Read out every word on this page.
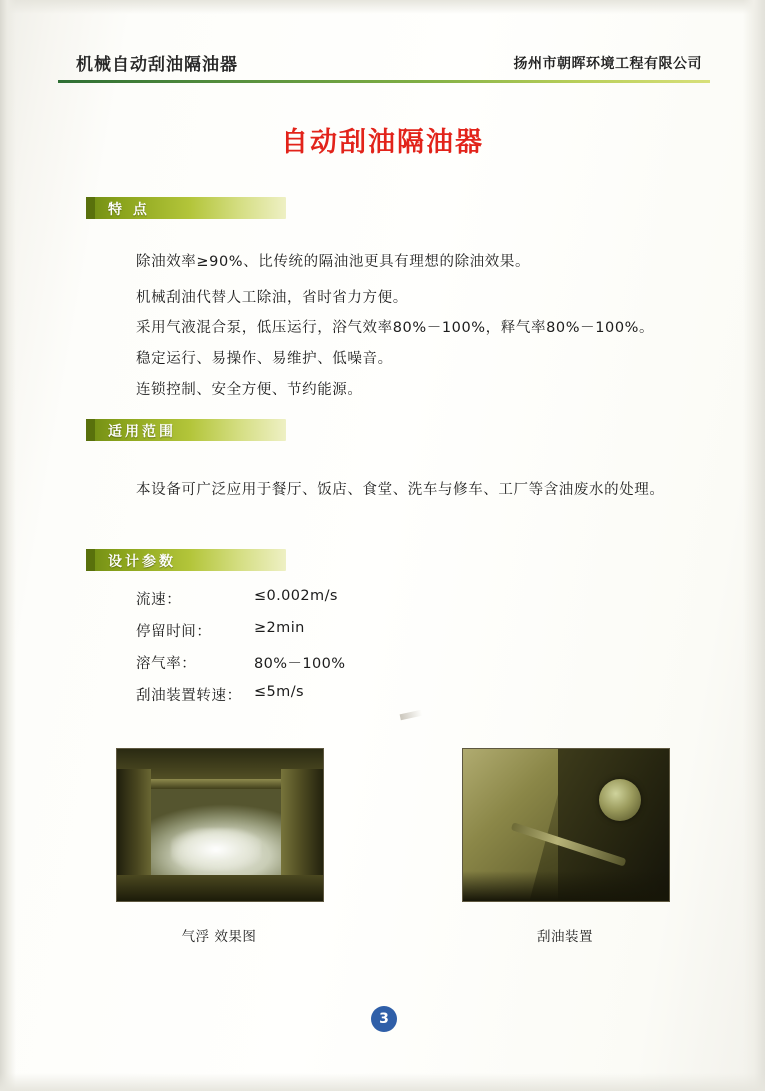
机械自动刮油隔油器	扬州市朝晖环境工程有限公司
自动刮油隔油器
特 点
除油效率≥90%、比传统的隔油池更具有理想的除油效果。
机械刮油代替人工除油，省时省力方便。
采用气液混合泵，低压运行，浴气效率80%－100%，释气率80%－100%。
稳定运行、易操作、易维护、低噪音。
连锁控制、安全方便、节约能源。
适用范围
本设备可广泛应用于餐厅、饭店、食堂、洗车与修车、工厂等含油废水的处理。
设计参数
流速：	≤0.002m/s
停留时间：	≥2min
溶气率：	80%－100%
刮油装置转速： ≤5m/s
气浮 效果图	刮油装置
3
